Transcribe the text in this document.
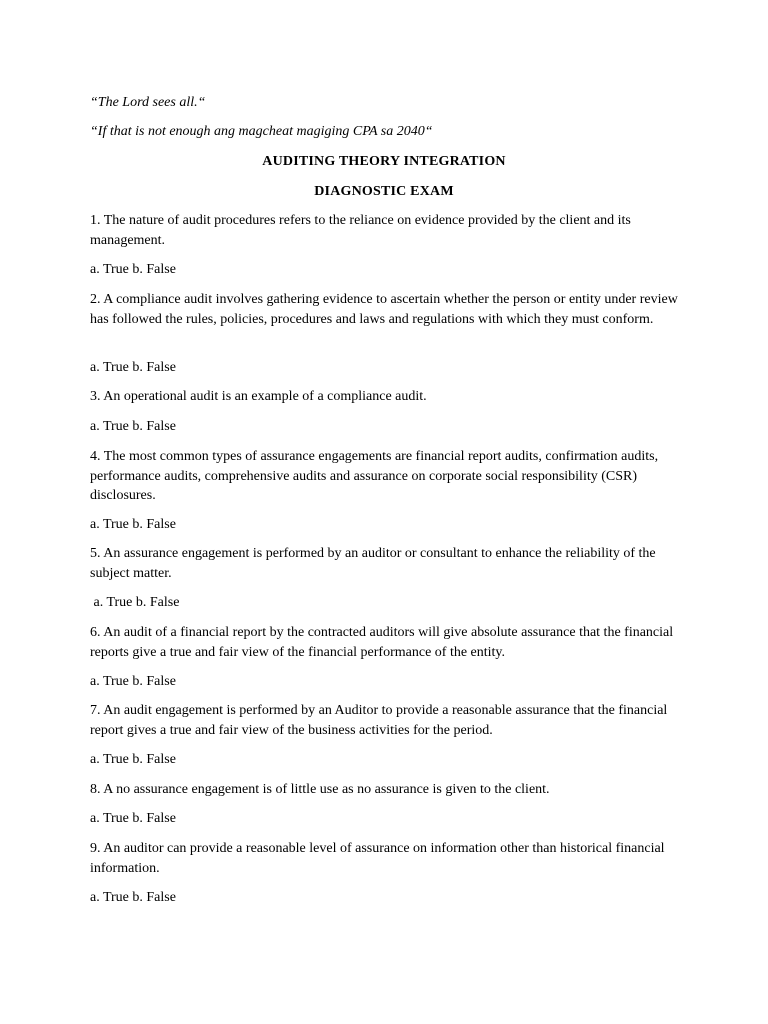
“The Lord sees all.“
“If that is not enough ang magcheat magiging CPA sa 2040“
AUDITING THEORY INTEGRATION
DIAGNOSTIC EXAM
1. The nature of audit procedures refers to the reliance on evidence provided by the client and its management.
a. True b. False
2. A compliance audit involves gathering evidence to ascertain whether the person or entity under review has followed the rules, policies, procedures and laws and regulations with which they must conform.
a. True b. False
3. An operational audit is an example of a compliance audit.
a. True b. False
4. The most common types of assurance engagements are financial report audits, confirmation audits, performance audits, comprehensive audits and assurance on corporate social responsibility (CSR) disclosures.
a. True b. False
5. An assurance engagement is performed by an auditor or consultant to enhance the reliability of the subject matter.
a. True b. False
6. An audit of a financial report by the contracted auditors will give absolute assurance that the financial reports give a true and fair view of the financial performance of the entity.
a. True b. False
7. An audit engagement is performed by an Auditor to provide a reasonable assurance that the financial report gives a true and fair view of the business activities for the period.
a. True b. False
8. A no assurance engagement is of little use as no assurance is given to the client.
a. True b. False
9. An auditor can provide a reasonable level of assurance on information other than historical financial information.
a. True b. False
